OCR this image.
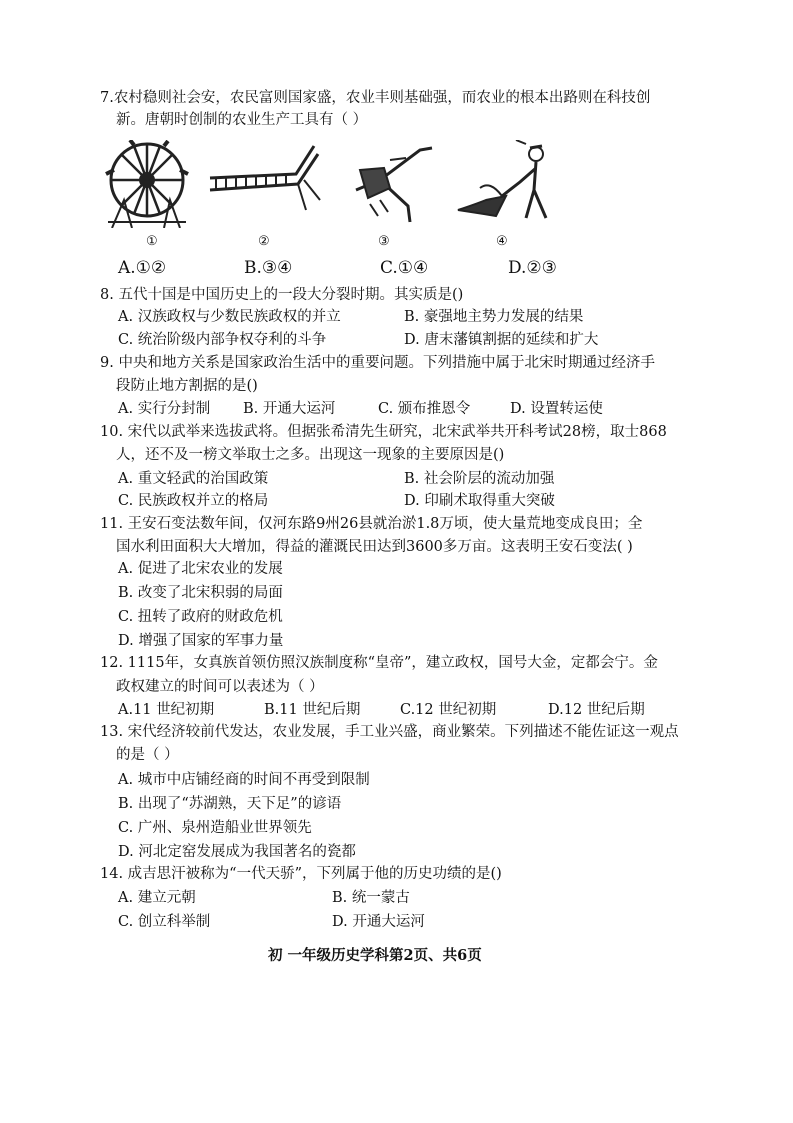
7.农村稳则社会安，农民富则国家盛，农业丰则基础强，而农业的根本出路则在科技创
新。唐朝时创制的农业生产工具有（ ）
①	②	③	④
A.①②	B.③④	C.①④	D.②③
8. 五代十国是中国历史上的一段大分裂时期。其实质是()
A. 汉族政权与少数民族政权的并立	B. 豪强地主势力发展的结果
C. 统治阶级内部争权夺利的斗争	D. 唐末藩镇割据的延续和扩大
9. 中央和地方关系是国家政治生活中的重要问题。下列措施中属于北宋时期通过经济手
段防止地方割据的是()
A. 实行分封制 B. 开通大运河	C. 颁布推恩令	D. 设置转运使
10. 宋代以武举来选拔武将。但据张希清先生研究，北宋武举共开科考试28榜，取士868
人，还不及一榜文举取士之多。出现这一现象的主要原因是()
A. 重文轻武的治国政策	B. 社会阶层的流动加强
C. 民族政权并立的格局	D. 印刷术取得重大突破
11. 王安石变法数年间，仅河东路9州26县就治淤1.8万顷，使大量荒地变成良田；全
国水利田面积大大增加，得益的灌溉民田达到3600多万亩。这表明王安石变法( )
A. 促进了北宋农业的发展
B. 改变了北宋积弱的局面
C. 扭转了政府的财政危机
D. 增强了国家的军事力量
12. 1115年，女真族首领仿照汉族制度称“皇帝”，建立政权，国号大金，定都会宁。金
政权建立的时间可以表述为（ ）
A.11 世纪初期	B.11 世纪后期	C.12 世纪初期	D.12 世纪后期
13. 宋代经济较前代发达，农业发展，手工业兴盛，商业繁荣。下列描述不能佐证这一观点
的是（ ）
A. 城市中店铺经商的时间不再受到限制
B. 出现了“苏湖熟，天下足”的谚语
C. 广州、泉州造船业世界领先
D. 河北定窑发展成为我国著名的瓷都
14. 成吉思汗被称为“一代天骄”，下列属于他的历史功绩的是()
A. 建立元朝	B. 统一蒙古
C. 创立科举制	D. 开通大运河
初 一年级历史学科第2页、共6页
